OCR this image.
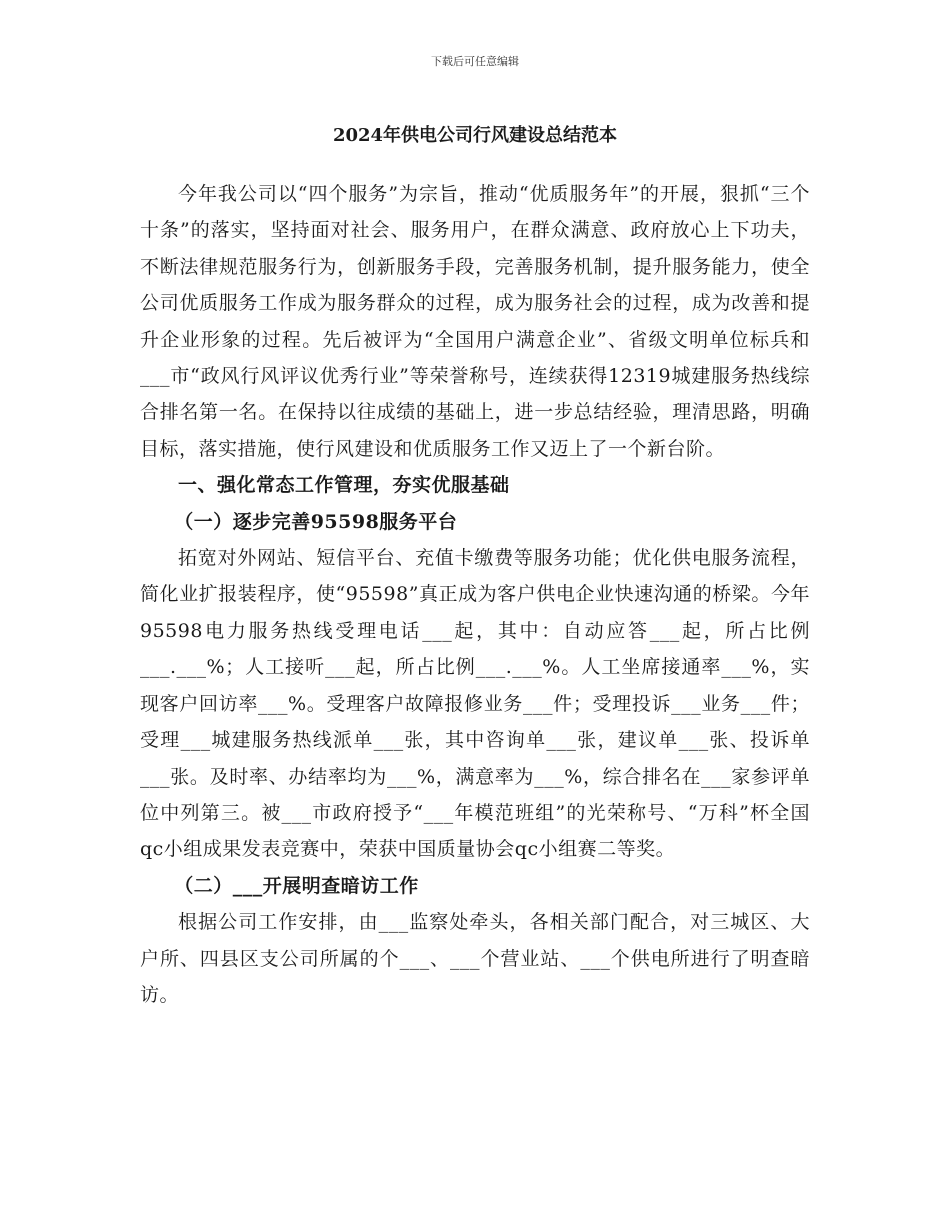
下载后可任意编辑
2024年供电公司行风建设总结范本

今年我公司以“四个服务”为宗旨，推动“优质服务年”的开展，狠抓“三个十条”的落实，坚持面对社会、服务用户，在群众满意、政府放心上下功夫，不断法律规范服务行为，创新服务手段，完善服务机制，提升服务能力，使全公司优质服务工作成为服务群众的过程，成为服务社会的过程，成为改善和提升企业形象的过程。先后被评为“全国用户满意企业”、省级文明单位标兵和___市“政风行风评议优秀行业”等荣誉称号，连续获得12319城建服务热线综合排名第一名。在保持以往成绩的基础上，进一步总结经验，理清思路，明确目标，落实措施，使行风建设和优质服务工作又迈上了一个新台阶。

一、强化常态工作管理，夯实优服基础

（一）逐步完善95598服务平台

拓宽对外网站、短信平台、充值卡缴费等服务功能；优化供电服务流程，简化业扩报装程序，使“95598”真正成为客户供电企业快速沟通的桥梁。今年95598电力服务热线受理电话___起，其中：自动应答___起，所占比例___.___%；人工接听___起，所占比例___.___%。人工坐席接通率___%，实现客户回访率___%。受理客户故障报修业务___件；受理投诉___业务___件；受理___城建服务热线派单___张，其中咨询单___张，建议单___张、投诉单___张。及时率、办结率均为___%，满意率为___%，综合排名在___家参评单位中列第三。被___市政府授予“___年模范班组”的光荣称号、“万科”杯全国qc小组成果发表竞赛中，荣获中国质量协会qc小组赛二等奖。

（二）___开展明查暗访工作

根据公司工作安排，由___监察处牵头，各相关部门配合，对三城区、大户所、四县区支公司所属的个___、___个营业站、___个供电所进行了明查暗访。
